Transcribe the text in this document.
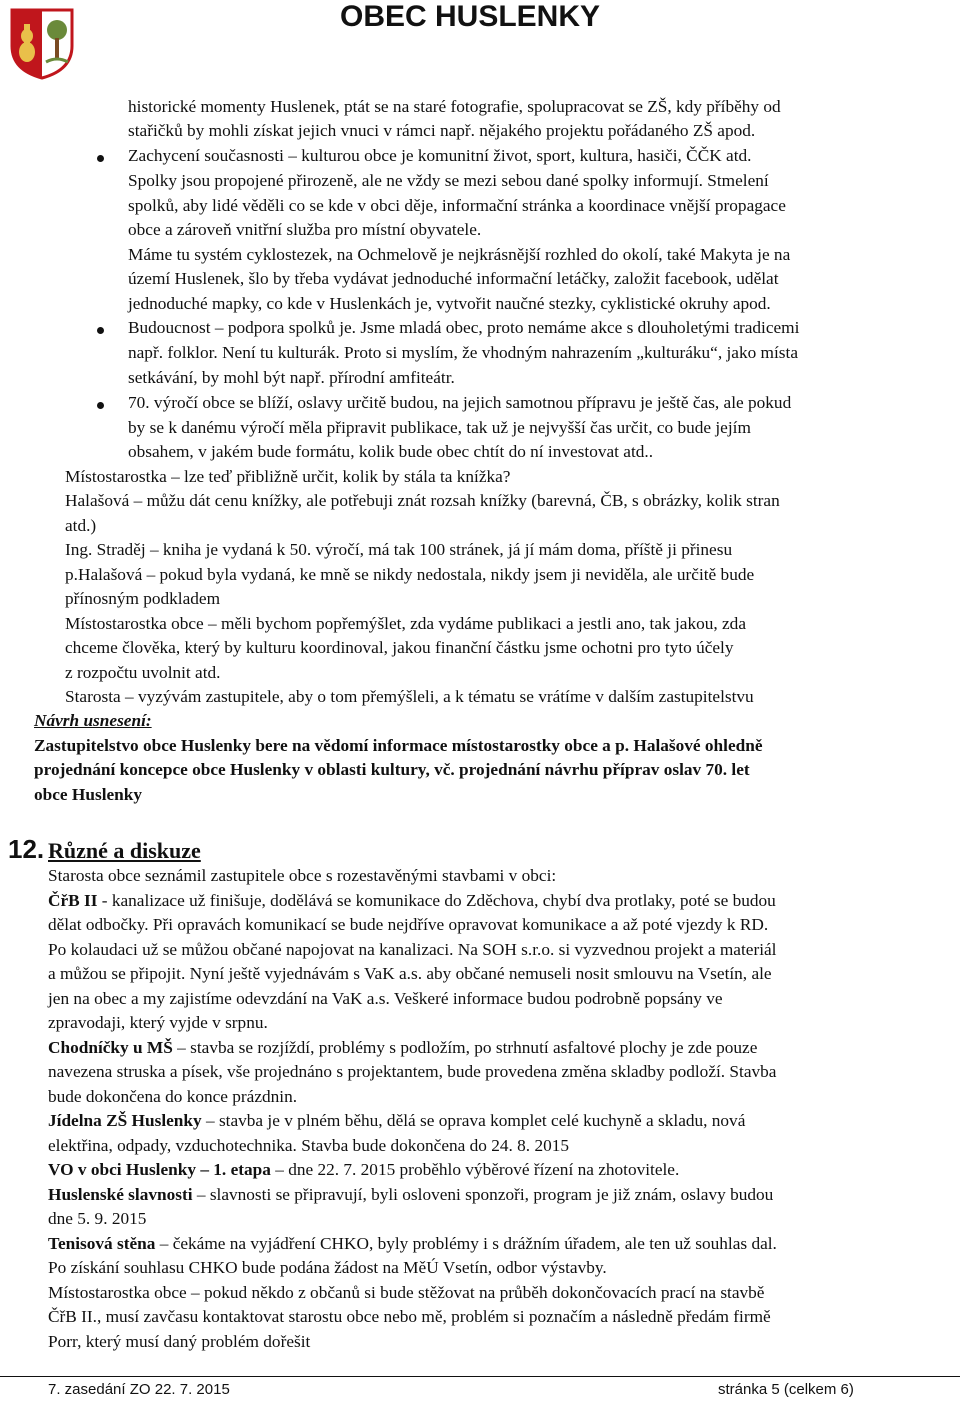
OBEC HUSLENKY
historické momenty Huslenek, ptát se na staré fotografie, spolupracovat se ZŠ, kdy příběhy od
stařičků by mohli získat jejich vnuci v rámci např. nějakého projektu pořádaného ZŠ apod.
Zachycení současnosti – kulturou obce je komunitní život, sport, kultura, hasiči, ČČK atd.
Spolky jsou propojené přirozeně, ale ne vždy se mezi sebou dané spolky informují. Stmelení
spolků, aby lidé věděli co se kde v obci děje, informační stránka a koordinace vnější propagace
obce a zároveň vnitřní služba pro místní obyvatele.
Máme tu systém cyklostezek, na Ochmelově je nejkrásnější rozhled do okolí, také Makyta je na
území Huslenek, šlo by třeba vydávat jednoduché informační letáčky, založit facebook, udělat
jednoduché mapky, co kde v Huslenkách je, vytvořit naučné stezky, cyklistické okruhy apod.
Budoucnost – podpora spolků je. Jsme mladá obec, proto nemáme akce s dlouholetými tradicemi
např. folklor. Není tu kulturák. Proto si myslím, že vhodným nahrazením „kulturáku“, jako místa
setkávání, by mohl být např. přírodní amfiteátr.
70. výročí obce se blíží, oslavy určitě budou, na jejich samotnou přípravu je ještě čas, ale pokud
by se k danému výročí měla připravit publikace, tak už je nejvyšší čas určit, co bude jejím
obsahem, v jakém bude formátu, kolik bude obec chtít do ní investovat atd..
Místostarostka – lze teď přibližně určit, kolik by stála ta knížka?
Halašová – můžu dát cenu knížky, ale potřebuji znát rozsah knížky (barevná, ČB, s obrázky, kolik stran
atd.)
Ing. Straděj – kniha je vydaná k 50. výročí, má tak 100 stránek, já jí mám doma, příště ji přinesu
p.Halašová – pokud byla vydaná, ke mně se nikdy nedostala, nikdy jsem ji neviděla, ale určitě bude
přínosným podkladem
Místostarostka obce – měli bychom popřemýšlet, zda vydáme publikaci a jestli ano, tak jakou, zda
chceme člověka, který by kulturu koordinoval, jakou finanční částku jsme ochotni pro tyto účely
z rozpočtu uvolnit atd.
Starosta – vyzývám zastupitele, aby o tom přemýšleli, a k tématu se vrátíme v dalším zastupitelstvu
Návrh usnesení:
Zastupitelstvo obce Huslenky bere na vědomí informace místostarostky obce a p. Halašové ohledně
projednání koncepce obce Huslenky v oblasti kultury, vč. projednání návrhu příprav oslav 70. let
obce Huslenky
12. Různé a diskuze
Starosta obce seznámil zastupitele obce s rozestavěnými stavbami v obci:
ČřB II - kanalizace už finišuje, dodělává se komunikace do Zděchova, chybí dva protlaky, poté se budou
dělat odbočky. Při opravách komunikací se bude nejdříve opravovat komunikace a až poté vjezdy k RD.
Po kolaudaci už se můžou občané napojovat na kanalizaci. Na SOH s.r.o. si vyzvednou projekt a materiál
a můžou se připojit. Nyní ještě vyjednávám s VaK a.s. aby občané nemuseli nosit smlouvu na Vsetín, ale
jen na obec a my zajistíme odevzdání na VaK a.s. Veškeré informace budou podrobně popsány ve
zpravodaji, který vyjde v srpnu.
Chodníčky u MŠ – stavba se rozjíždí, problémy s podložím, po strhnutí asfaltové plochy je zde pouze
navezena struska a písek, vše projednáno s projektantem, bude provedena změna skladby podloží. Stavba
bude dokončena do konce prázdnin.
Jídelna ZŠ Huslenky – stavba je v plném běhu, dělá se oprava komplet celé kuchyně a skladu, nová
elektřina, odpady, vzduchotechnika. Stavba bude dokončena do 24. 8. 2015
VO v obci Huslenky – 1. etapa – dne 22. 7. 2015 proběhlo výběrové řízení na zhotovitele.
Huslenské slavnosti – slavnosti se připravují, byli osloveni sponzoři, program je již znám, oslavy budou
dne 5. 9. 2015
Tenisová stěna – čekáme na vyjádření CHKO, byly problémy i s drážním úřadem, ale ten už souhlas dal.
Po získání souhlasu CHKO bude podána žádost na MěÚ Vsetín, odbor výstavby.
Místostarostka obce – pokud někdo z občanů si bude stěžovat na průběh dokončovacích prací na stavbě
ČřB II., musí zavčasu kontaktovat starostu obce nebo mě, problém si poznačím a následně předám firmě
Porr, který musí daný problém dořešit
7. zasedání ZO 22. 7. 2015	stránka 5 (celkem 6)
